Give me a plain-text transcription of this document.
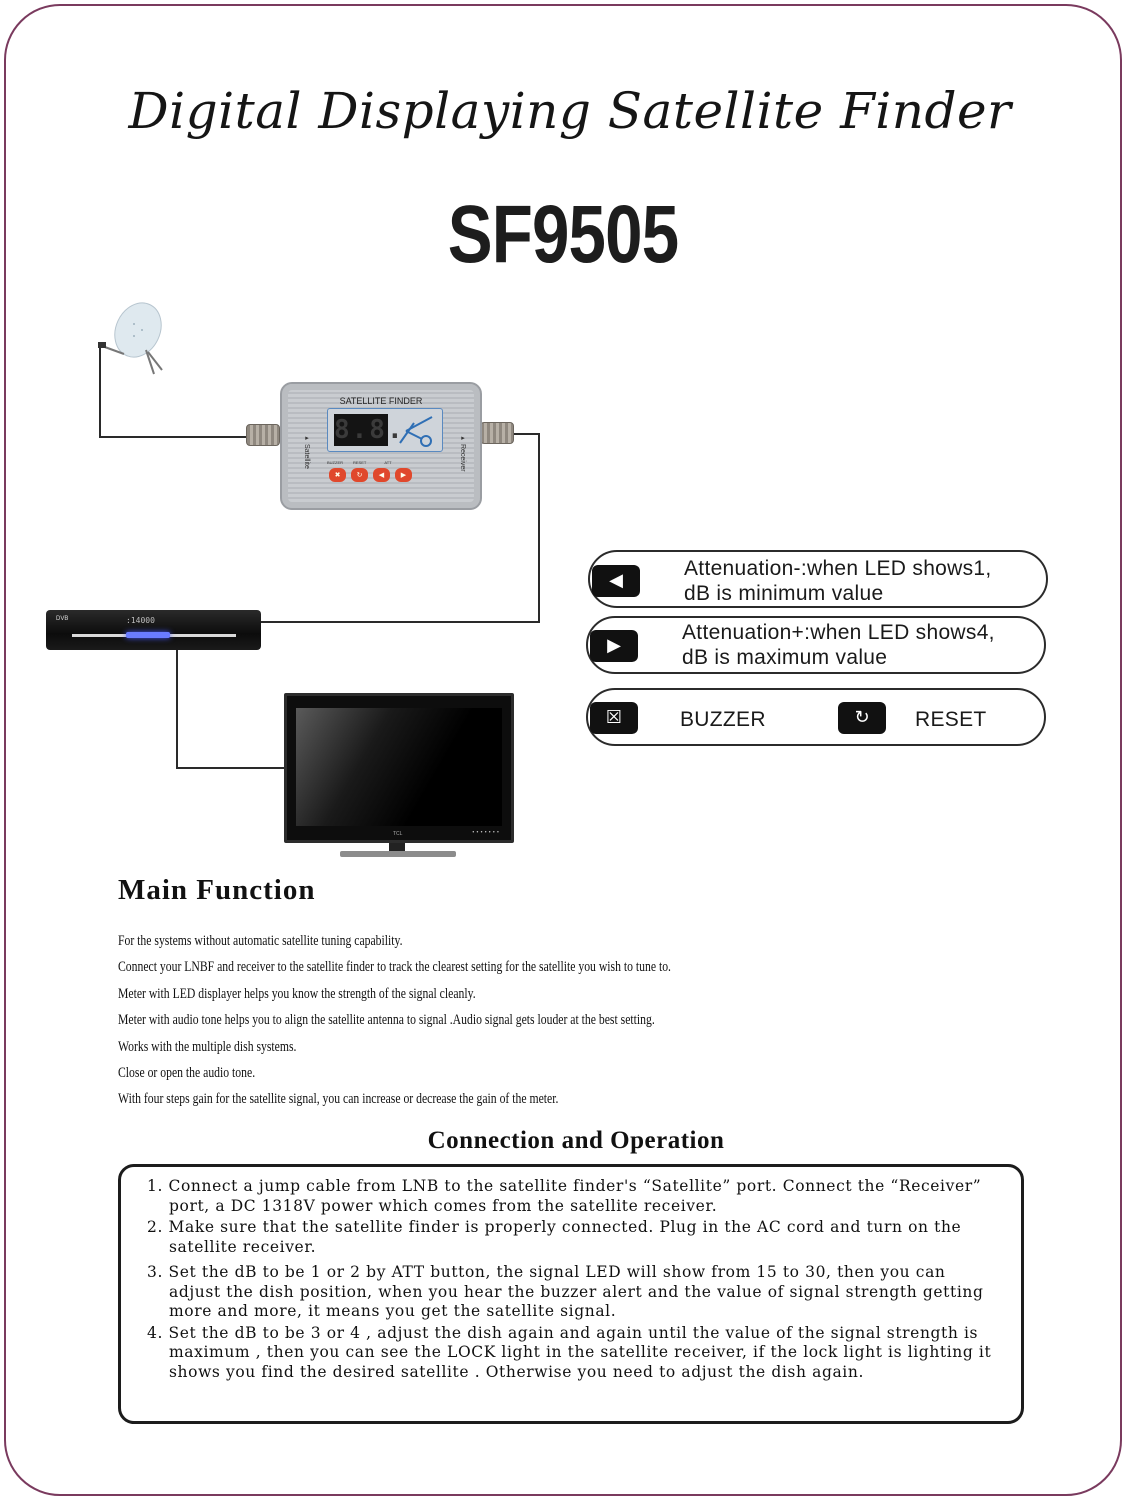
Digital Displaying Satellite Finder
SF9505
SATELLITE FINDER
▸ Satellite	▸ Receiver
8.8.
BUZZER	RESET	ATT
✖	↻	◀	▶
DVB	:14000
TCL	•••••••
◀
Attenuation-:when LED shows1,
dB is minimum value
▶
Attenuation+:when LED shows4,
dB is maximum value
☒	BUZZER	↻	RESET
Main Function
For the systems without automatic satellite tuning capability.
Connect your LNBF and receiver to the satellite finder to track the clearest setting for the satellite you wish to tune to.
Meter with LED displayer helps you know the strength of the signal cleanly.
Meter with audio tone helps you to align the satellite antenna to signal .Audio signal gets louder at the best setting.
Works with the multiple dish systems.
Close or open the audio tone.
With four steps gain for the satellite signal, you can increase or decrease the gain of the meter.
Connection and Operation
1. Connect a jump cable from LNB to the satellite finder's “Satellite” port. Connect the “Receiver” port, a DC 1318V power which comes from the satellite receiver.
2. Make sure that the satellite finder is properly connected. Plug in the AC cord and turn on the satellite receiver.
3. Set the dB to be 1 or 2 by ATT button, the signal LED will show from 15 to 30, then you can adjust the dish position, when you hear the buzzer alert and the value of signal strength getting more and more, it means you get the satellite signal.
4. Set the dB to be 3 or 4 , adjust the dish again and again until the value of the signal strength is maximum , then you can see the LOCK light in the satellite receiver, if the lock light is lighting it shows you find the desired satellite . Otherwise you need to adjust the dish again.
